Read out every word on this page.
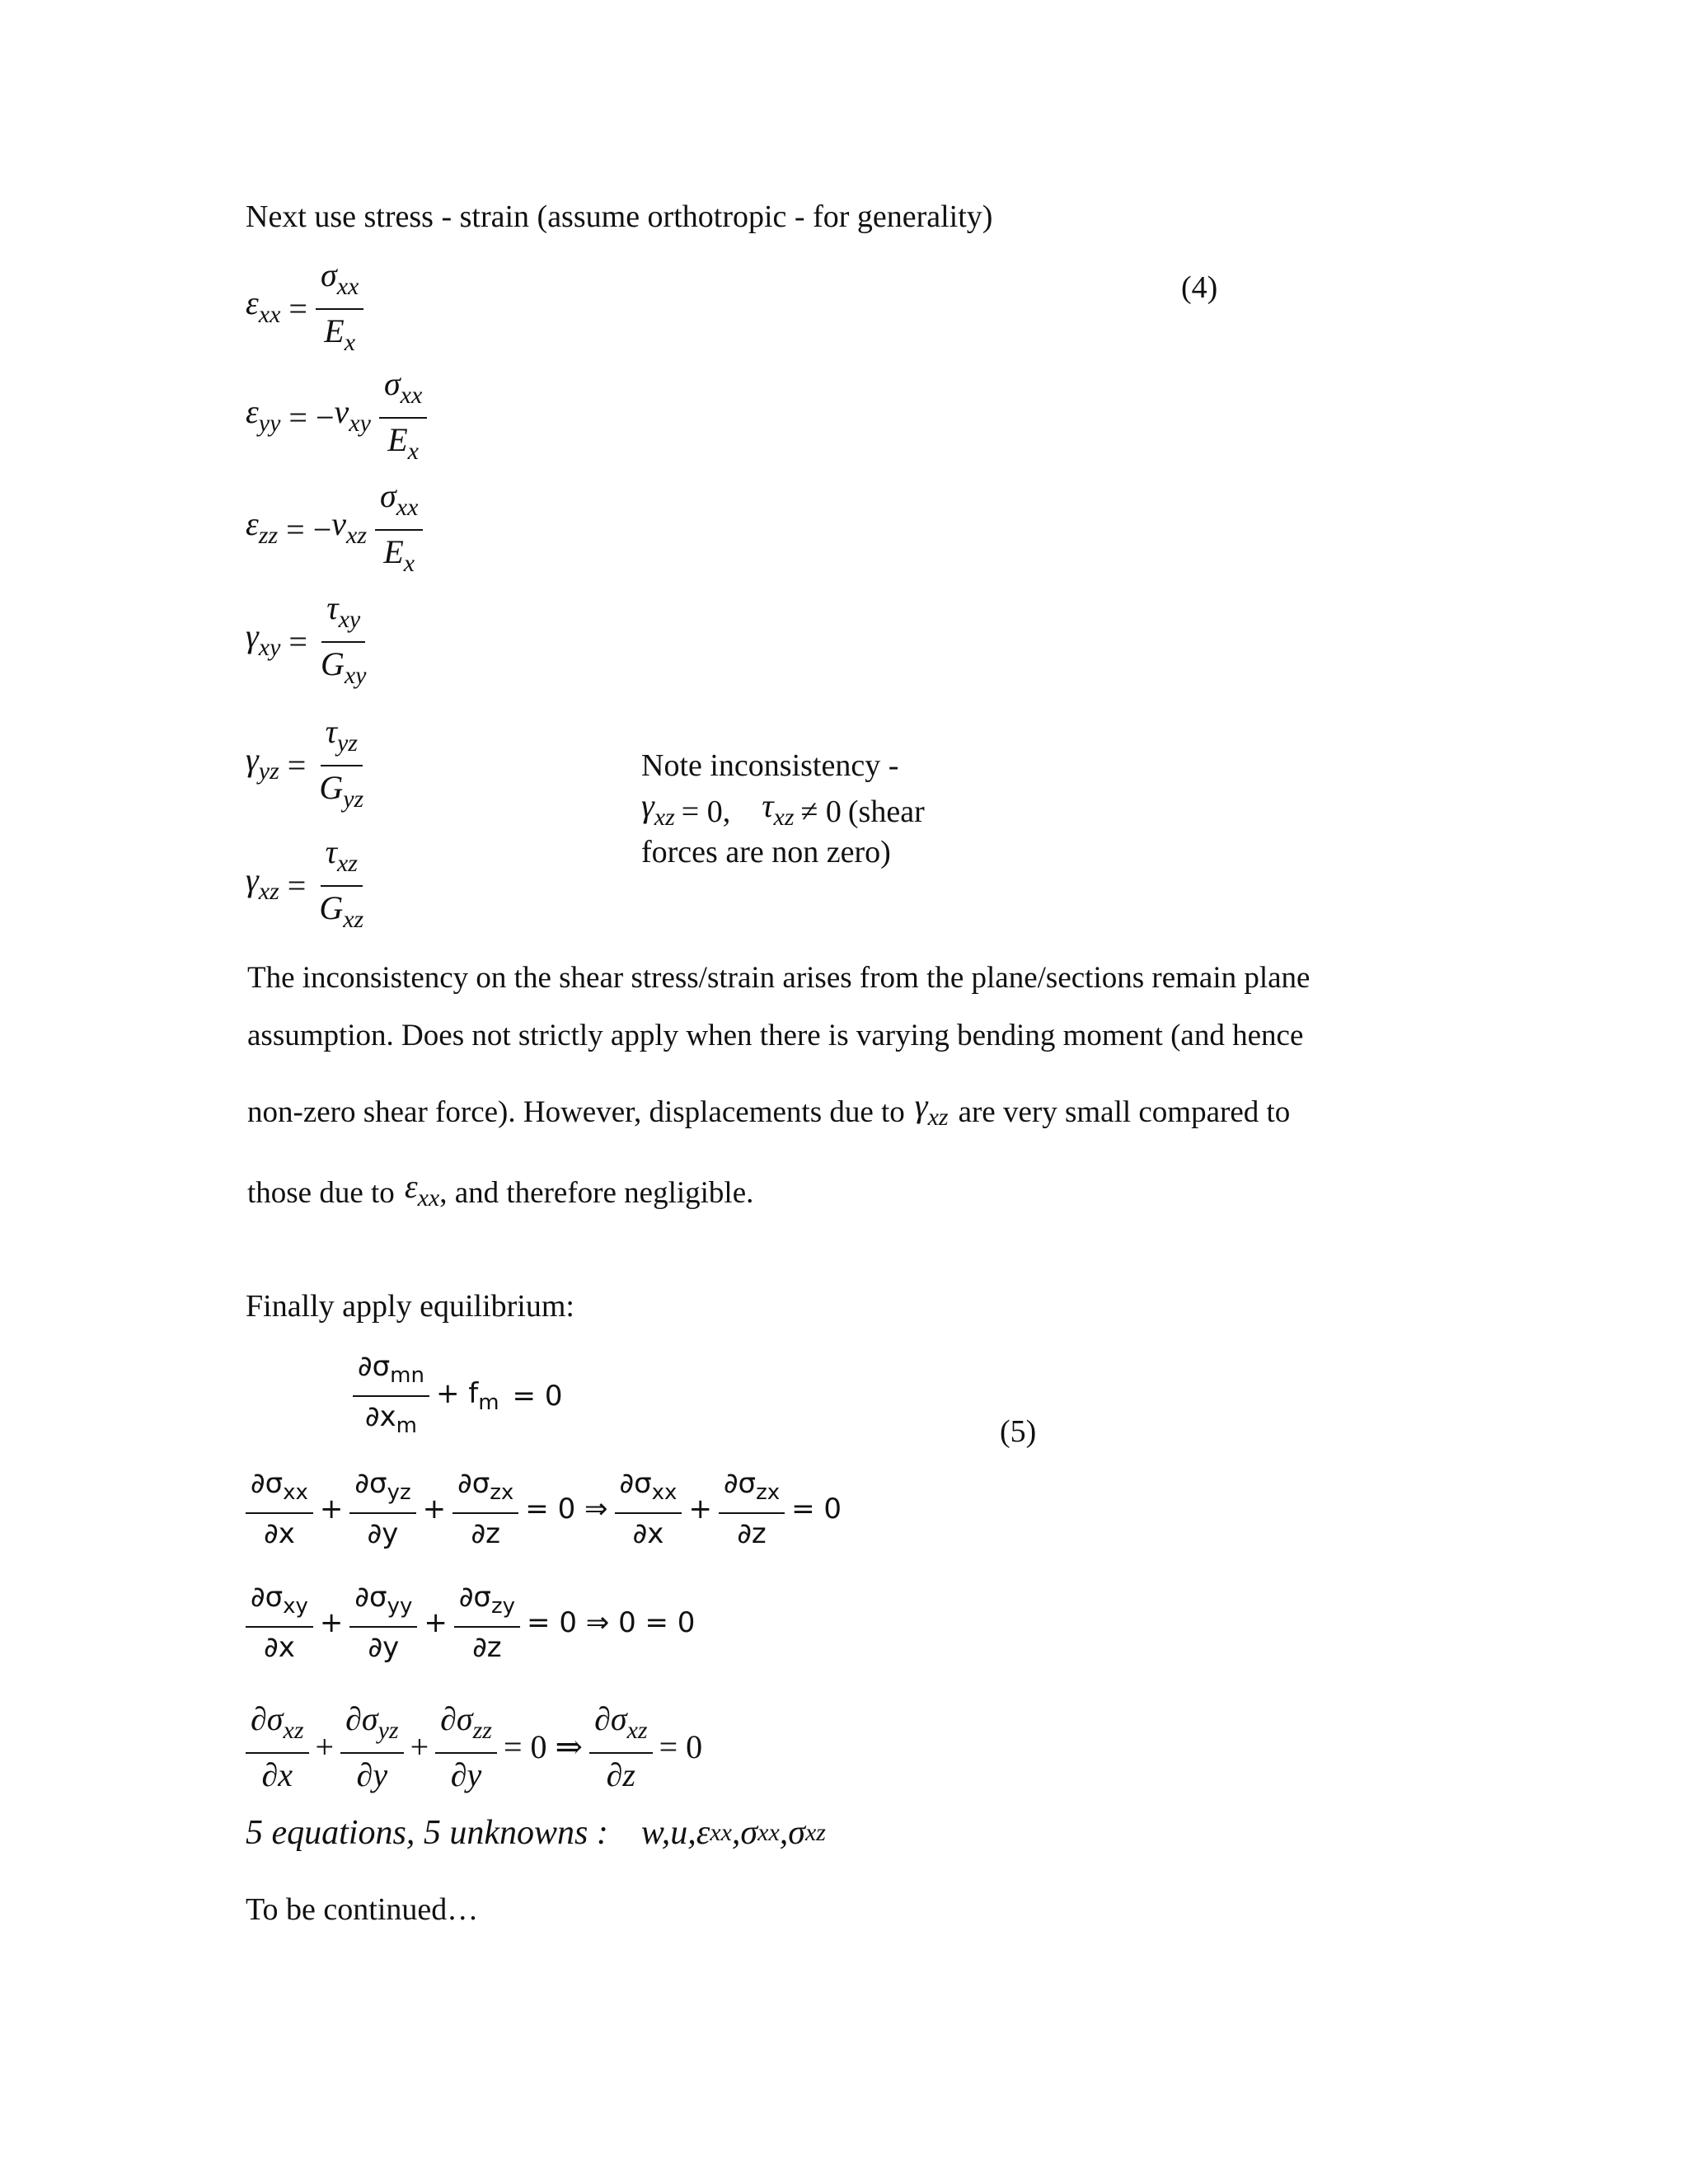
Next use stress - strain (assume orthotropic - for generality)
(4)
$\varepsilon_{xx} = \frac{\sigma_{xx}}{E_x}$
$\varepsilon_{yy}$ = − $\nu_{xy} \frac{\sigma_{xx}}{E_x}$
$\varepsilon_{zz}$ = − $\nu_{xz} \frac{\sigma_{xx}}{E_x}$
$\gamma_{xy} = \frac{\tau_{xy}}{G_{xy}}$
$\gamma_{yz} = \frac{\tau_{yz}}{G_{yz}}$
$\gamma_{xz} = \frac{\tau_{xz}}{G_{xz}}$
Note inconsistency -
$\gamma_{xz} = 0$, $\tau_{xz} \ne 0$ (shear
forces are non zero)
The inconsistency on the shear stress/strain arises from the plane/sections remain plane
assumption. Does not strictly apply when there is varying bending moment (and hence
non-zero shear force). However, displacements due to $\gamma_{xz}$ are very small compared to
those due to $\varepsilon_{xx}$ , and therefore negligible.
Finally apply equilibrium:
$\frac{\partial\sigma_{mn}}{\partial x_m} + f_m = 0$
(5)
$\frac{\partial\sigma_{xx}}{\partial x} + \frac{\partial\sigma_{yz}}{\partial y} + \frac{\partial\sigma_{zx}}{\partial z} = 0$ ⇒ $\frac{\partial\sigma_{xx}}{\partial x} + \frac{\partial\sigma_{zx}}{\partial z} = 0$
$\frac{\partial\sigma_{xy}}{\partial x} + \frac{\partial\sigma_{yy}}{\partial y} + \frac{\partial\sigma_{zy}}{\partial z} = 0$ ⇒ 0 = 0
$\frac{\partial\sigma_{xz}}{\partial x} + \frac{\partial\sigma_{yz}}{\partial y} + \frac{\partial\sigma_{zz}}{\partial y} = 0$ ⇒ $\frac{\partial\sigma_{xz}}{\partial z} = 0$
5 equations, 5 unknowns : w,u,ε xx ,σ xx ,σ xz
To be continued…
